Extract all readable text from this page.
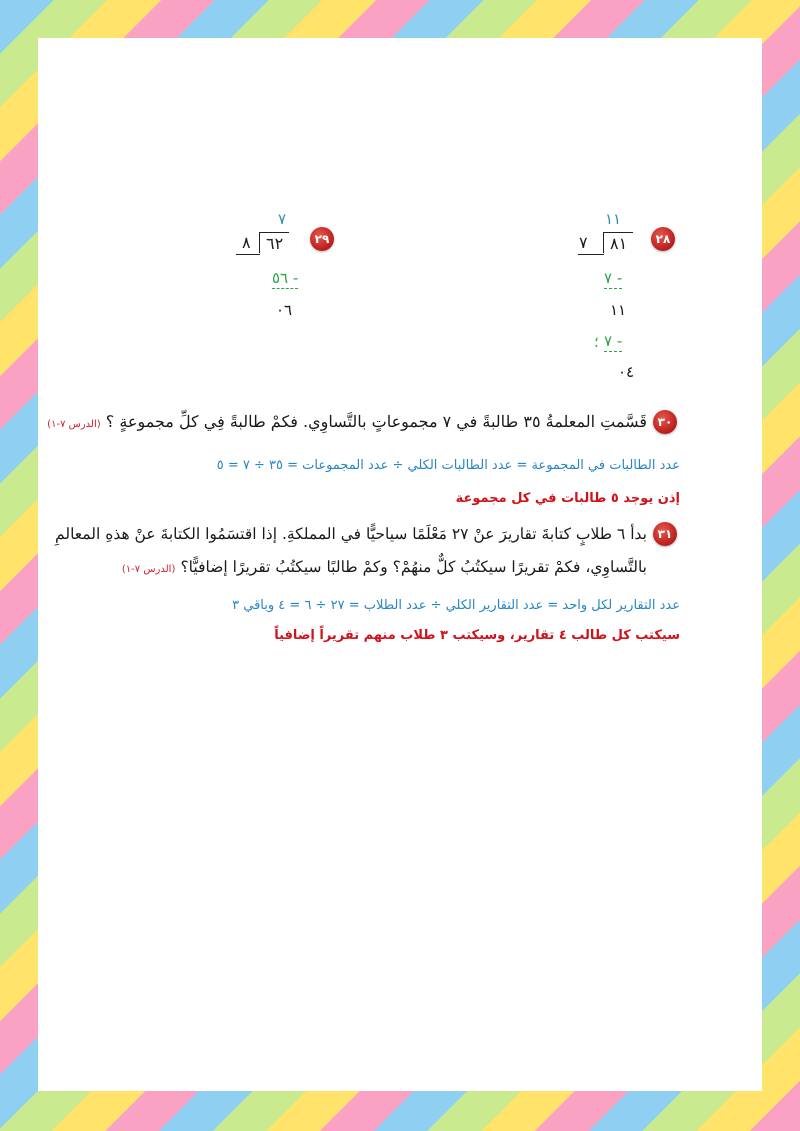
٢٨
١١
٨١
٧
٧ -
١١
٧ -
؛
٠٤
٢٩
٧
٦٢
٨
٥٦ -
٠٦
٣٠
قَسَّمتِ المعلمةُ ٣٥ طالبةً في ٧ مجموعاتٍ بالتَّساوِي. فكمْ طالبةً فِي كلِّ مجموعةٍ ؟ (الدرس ٧-١)
عدد الطالبات في المجموعة = عدد الطالبات الكلي ÷ عدد المجموعات = ٣٥ ÷ ٧ = ٥
إذن يوجد ٥ طالبات في كل مجموعة
٣١
بدأ ٦ طلابٍ كتابةَ تقاريرَ عنْ ٢٧ مَعْلَمًا سياحيًّا في المملكةِ. إذا اقتسَمُوا الكتابةَ عنْ هذهِ المعالمِ
بالتَّساوِي، فكمْ تقريرًا سيكتُبُ كلٌّ منهُمْ؟ وكمْ طالبًا سيكتُبُ تقريرًا إضافيًّا؟ (الدرس ٧-١)
عدد التقارير لكل واحد = عدد التقارير الكلي ÷ عدد الطلاب = ٢٧ ÷ ٦ = ٤ وباقي ٣
سيكتب كل طالب ٤ تقارير، وسيكتب ٣ طلاب منهم تقريراً إضافياً
